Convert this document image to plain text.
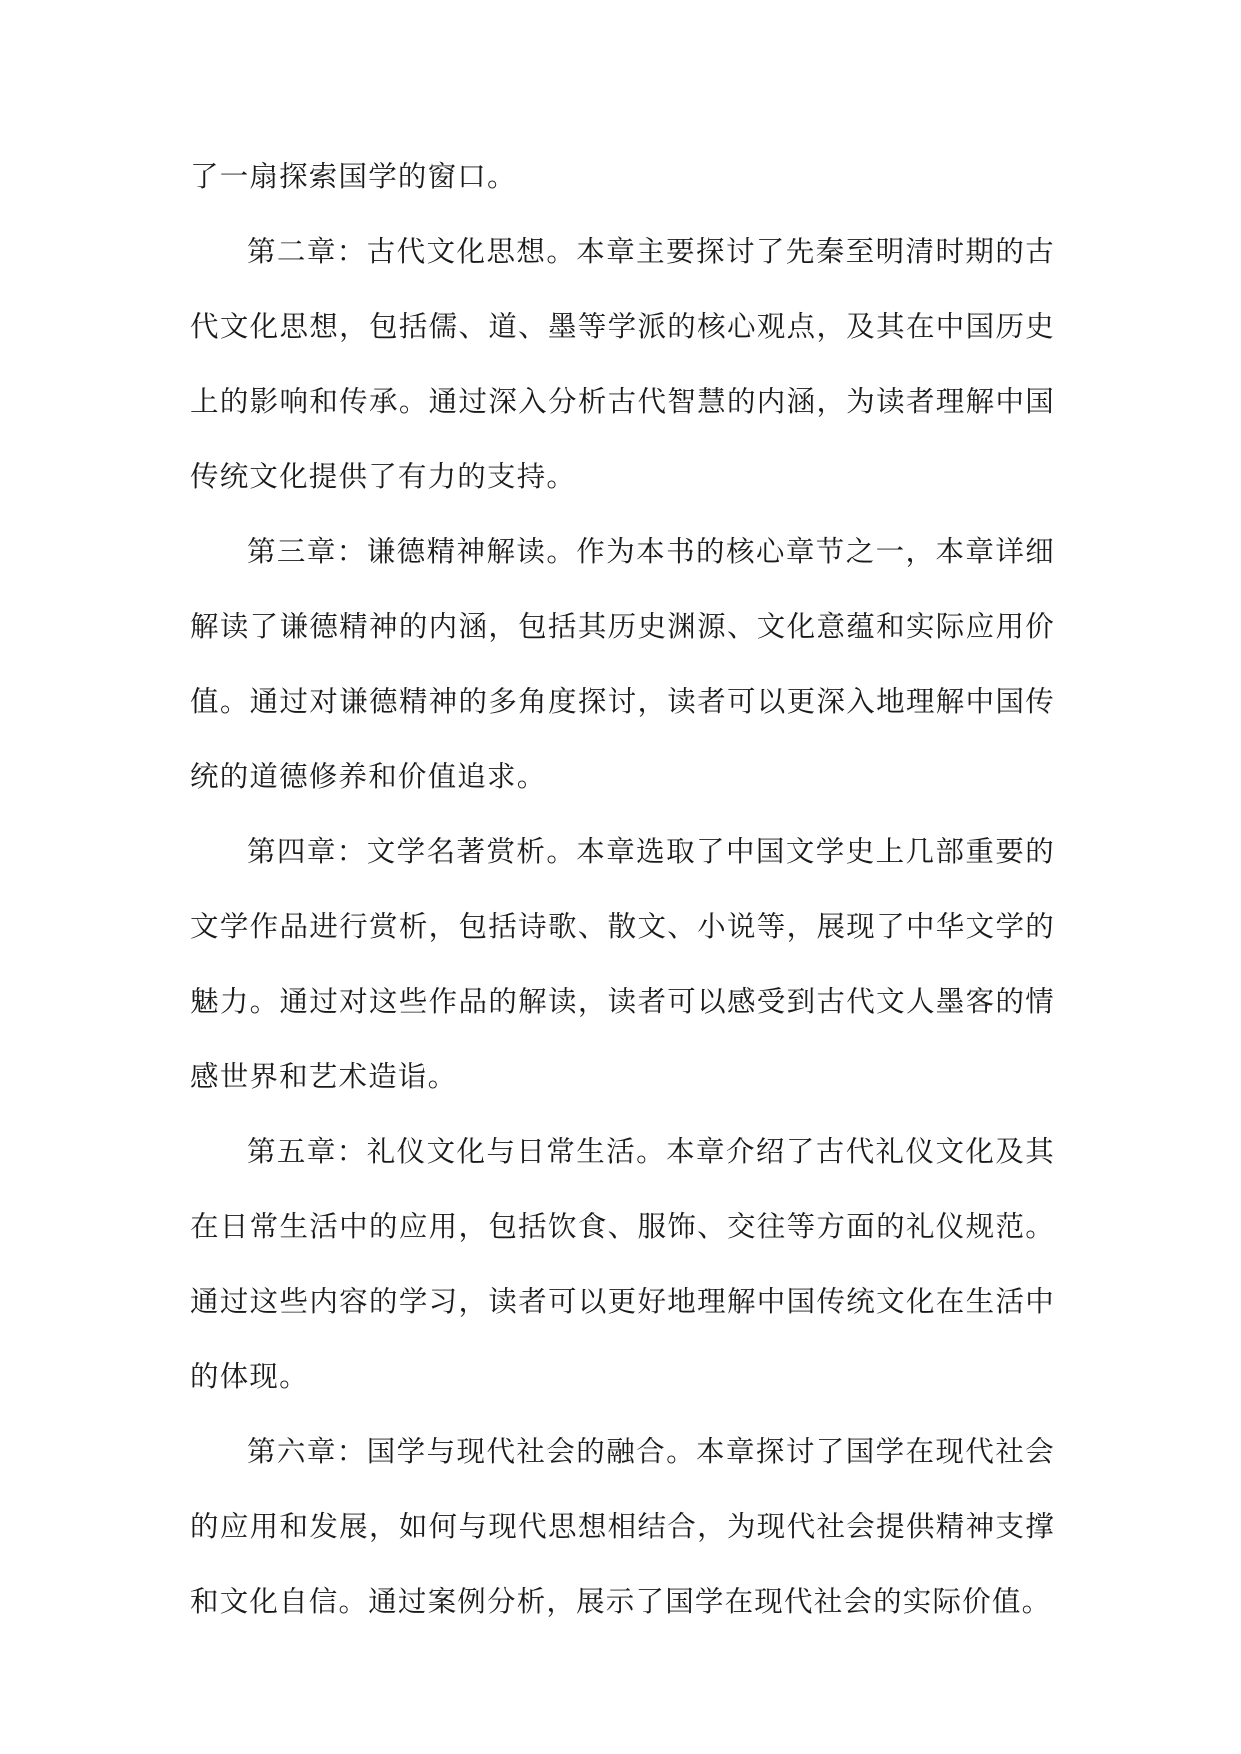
了一扇探索国学的窗口。

第二章：古代文化思想。本章主要探讨了先秦至明清时期的古代文化思想，包括儒、道、墨等学派的核心观点，及其在中国历史上的影响和传承。通过深入分析古代智慧的内涵，为读者理解中国传统文化提供了有力的支持。

第三章：谦德精神解读。作为本书的核心章节之一，本章详细解读了谦德精神的内涵，包括其历史渊源、文化意蕴和实际应用价值。通过对谦德精神的多角度探讨，读者可以更深入地理解中国传统的道德修养和价值追求。

第四章：文学名著赏析。本章选取了中国文学史上几部重要的文学作品进行赏析，包括诗歌、散文、小说等，展现了中华文学的魅力。通过对这些作品的解读，读者可以感受到古代文人墨客的情感世界和艺术造诣。

第五章：礼仪文化与日常生活。本章介绍了古代礼仪文化及其在日常生活中的应用，包括饮食、服饰、交往等方面的礼仪规范。通过这些内容的学习，读者可以更好地理解中国传统文化在生活中的体现。

第六章：国学与现代社会的融合。本章探讨了国学在现代社会的应用和发展，如何与现代思想相结合，为现代社会提供精神支撑和文化自信。通过案例分析，展示了国学在现代社会的实际价值。
